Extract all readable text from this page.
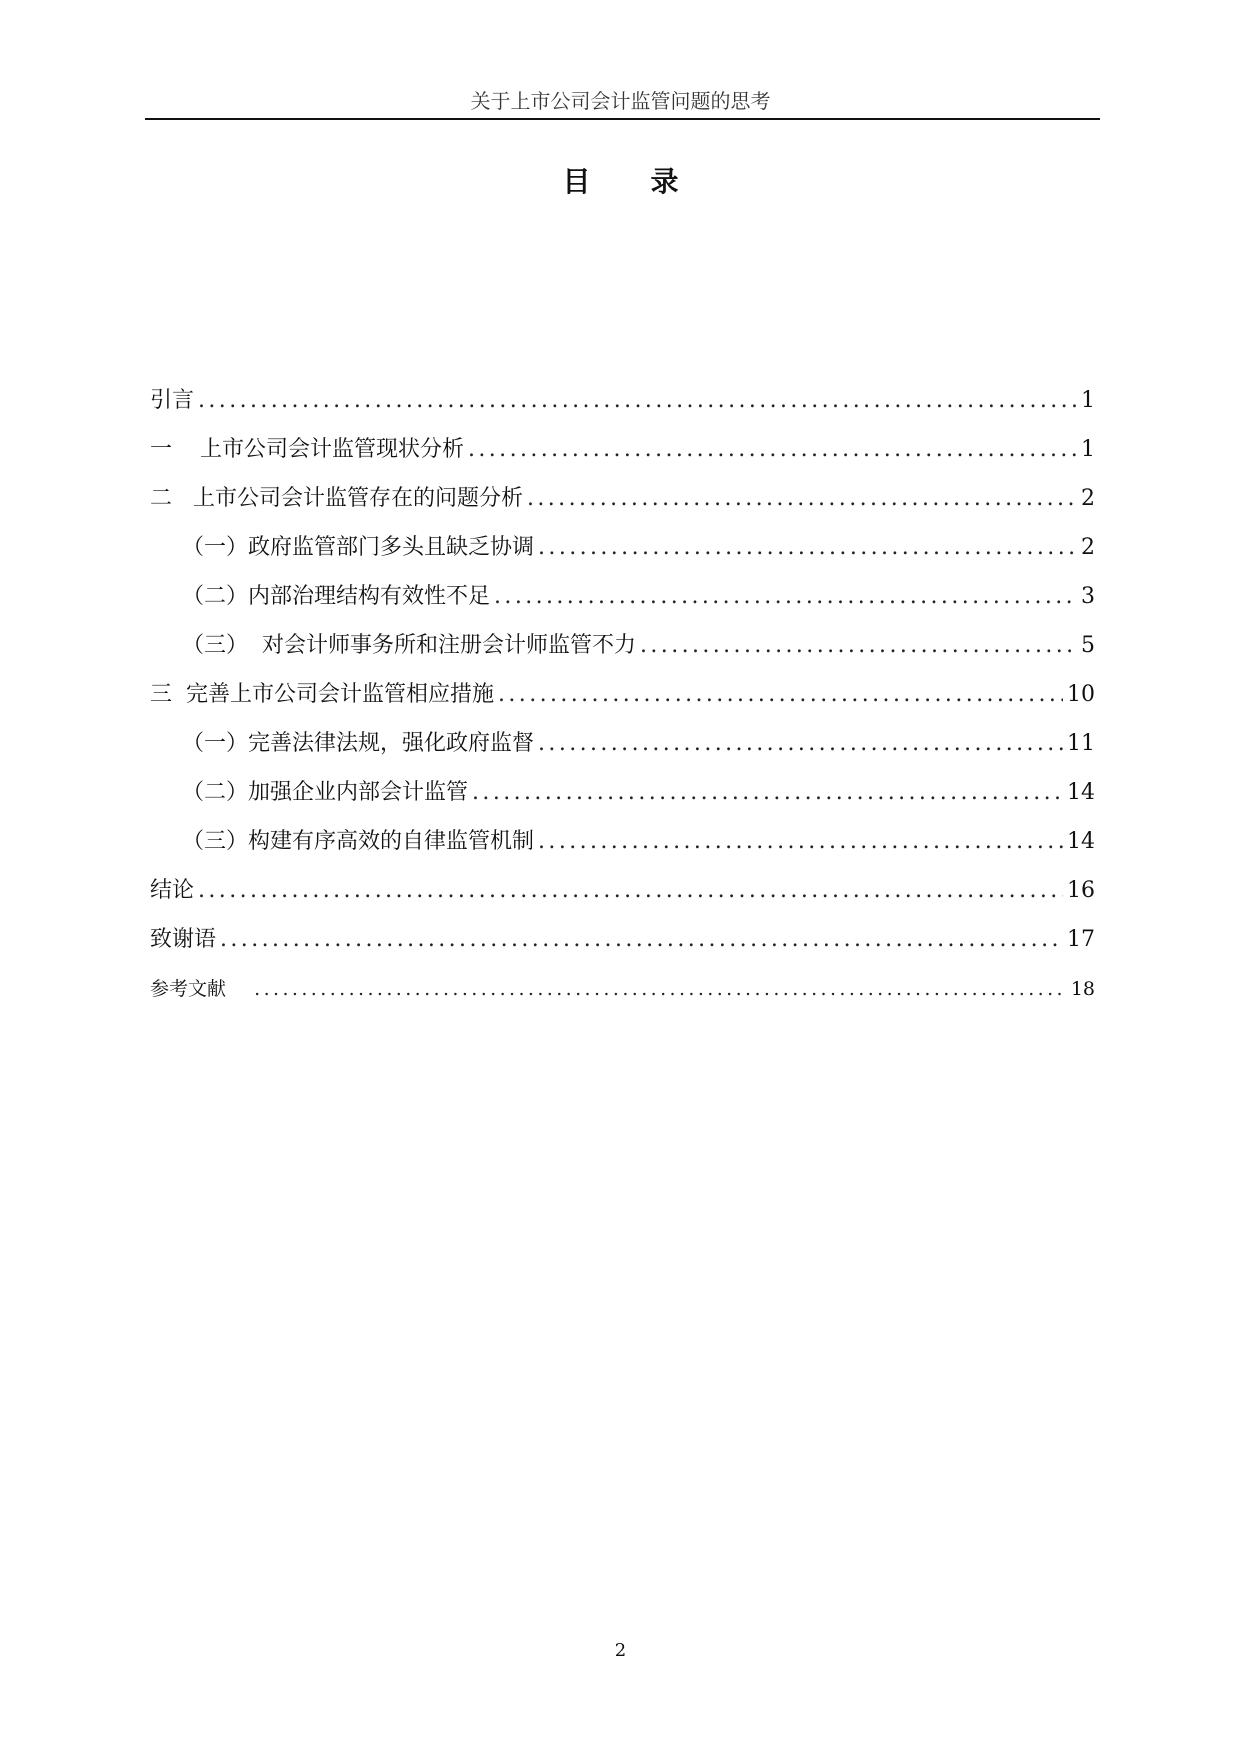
关于上市公司会计监管问题的思考
目录
引言 .....	1
一 上市公司会计监管现状分析 .....	1
二 上市公司会计监管存在的问题分析 .....	2
（一） 政府监管部门多头且缺乏协调 .....	2
（二） 内部治理结构有效性不足 .....	3
（三） 对会计师事务所和注册会计师监管不力 .....	5
三 完善上市公司会计监管相应措施 .....	10
（一） 完善法律法规，强化政府监督 .....	11
（二） 加强企业内部会计监管 .....	14
（三） 构建有序高效的自律监管机制 .....	14
结论 .....	16
致谢语 .....	17
参考文献 .....	18
2
